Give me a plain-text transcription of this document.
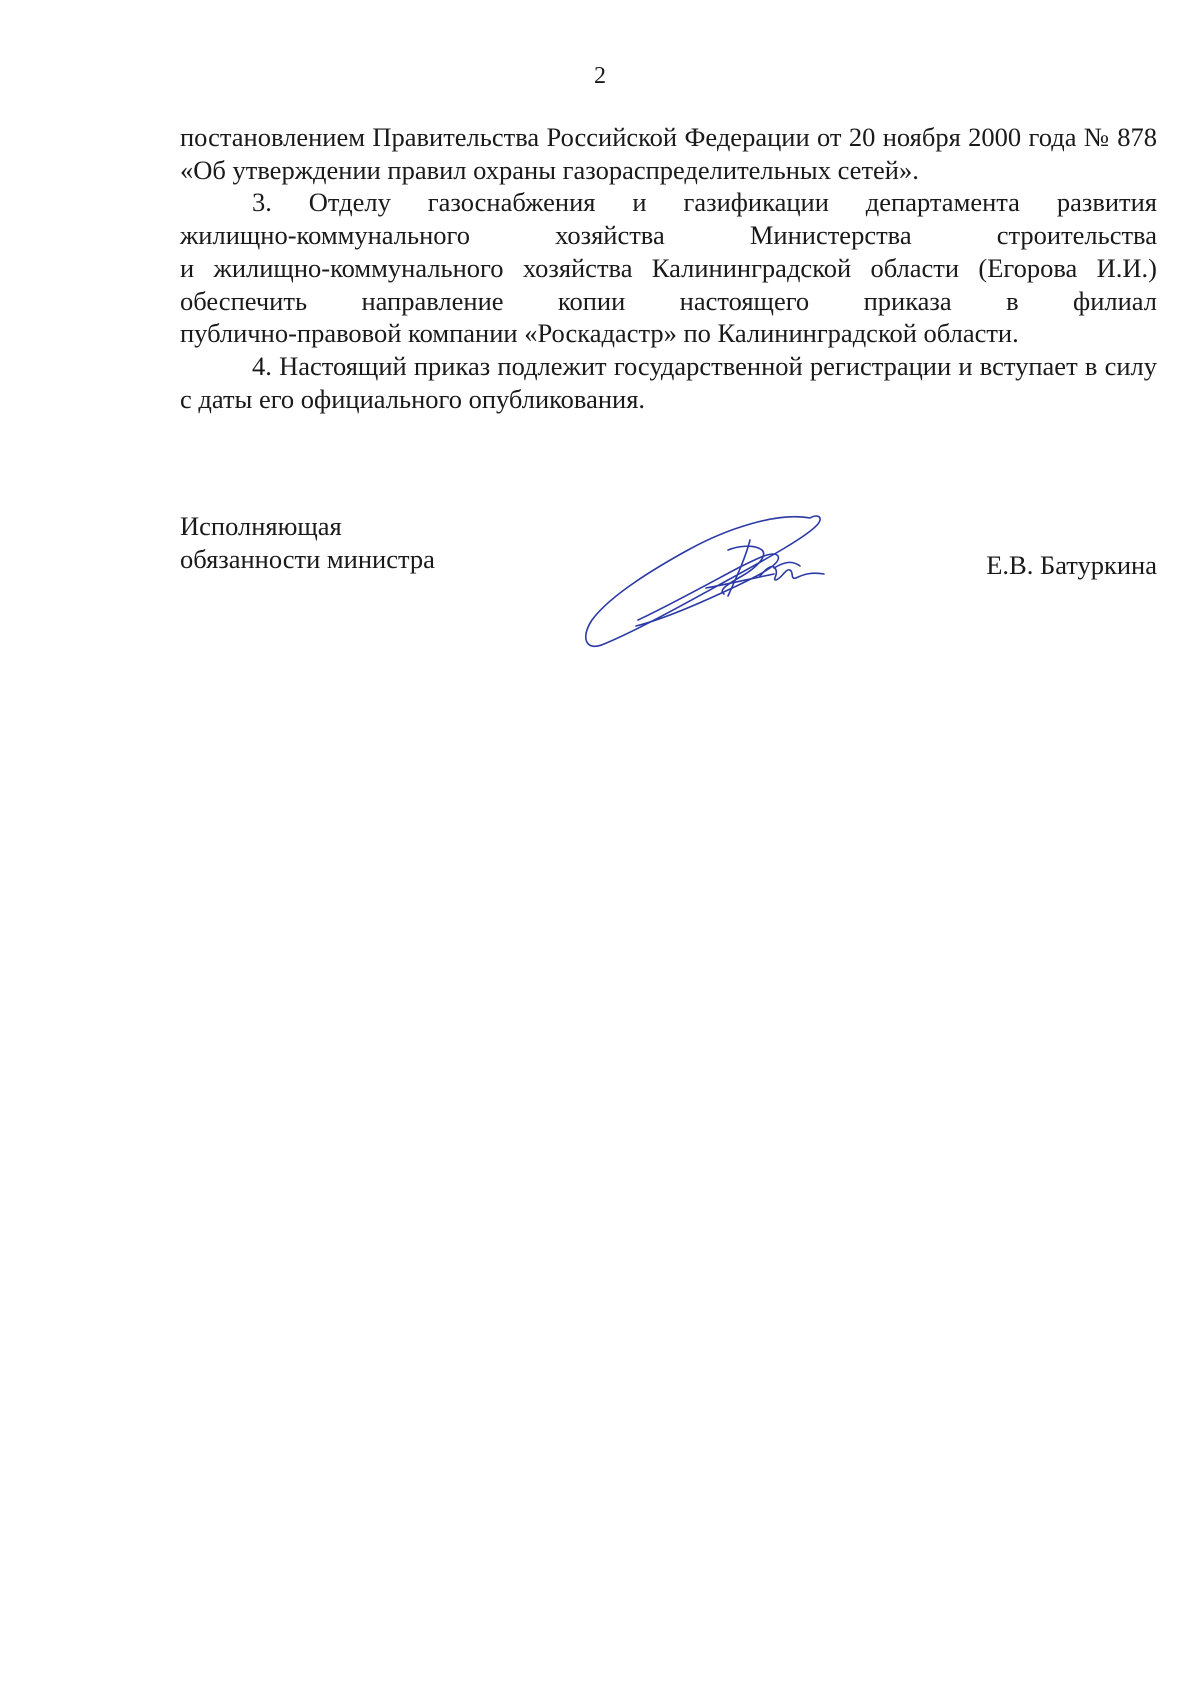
2

постановлением Правительства Российской Федерации от 20 ноября 2000 года № 878 «Об утверждении правил охраны газораспределительных сетей».

3. Отделу газоснабжения и газификации департамента развития
жилищно-коммунального хозяйства Министерства строительства
и жилищно-коммунального хозяйства Калининградской области (Егорова И.И.)
обеспечить направление копии настоящего приказа в филиал
публично-правовой компании «Роскадастр» по Калининградской области.

4. Настоящий приказ подлежит государственной регистрации и вступает в силу с даты его официального опубликования.

Исполняющая
обязанности министра	Е.В. Батуркина
